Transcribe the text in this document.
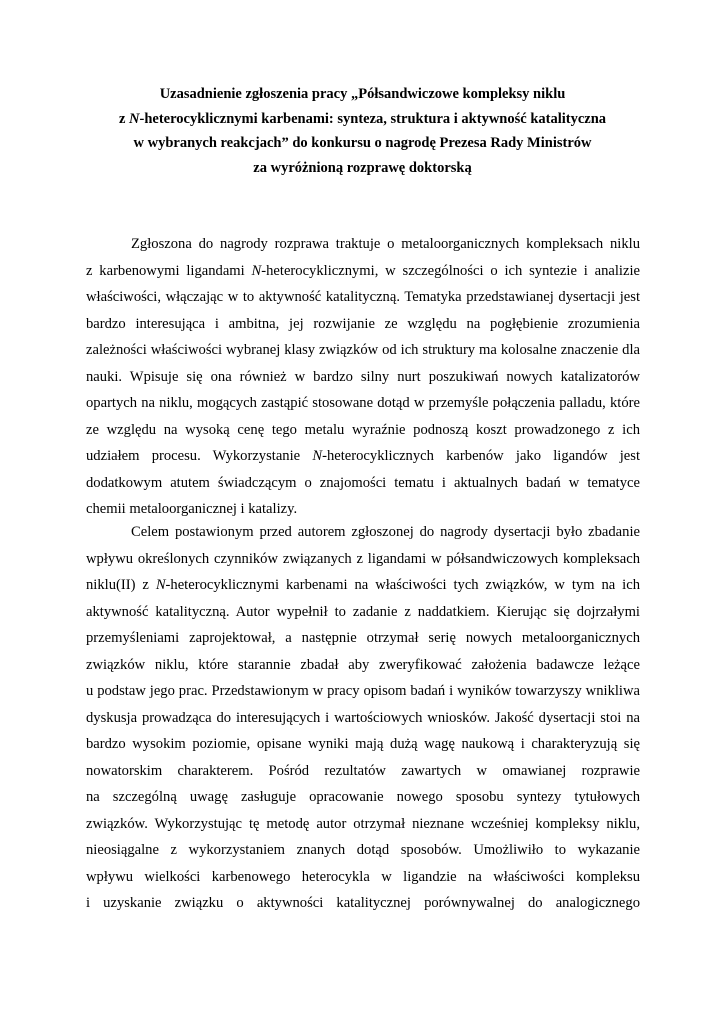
Uzasadnienie zgłoszenia pracy „Półsandwiczowe kompleksy niklu
z N-heterocyklicznymi karbenami: synteza, struktura i aktywność katalityczna
w wybranych reakcjach” do konkursu o nagrodę Prezesa Rady Ministrów
za wyróżnioną rozprawę doktorską
Zgłoszona do nagrody rozprawa traktuje o metaloorganicznych kompleksach niklu
z karbenowymi ligandami N-heterocyklicznymi, w szczególności o ich syntezie i analizie
właściwości, włączając w to aktywność katalityczną. Tematyka przedstawianej dysertacji jest
bardzo interesująca i ambitna, jej rozwijanie ze względu na pogłębienie zrozumienia
zależności właściwości wybranej klasy związków od ich struktury ma kolosalne znaczenie dla
nauki. Wpisuje się ona również w bardzo silny nurt poszukiwań nowych katalizatorów
opartych na niklu, mogących zastąpić stosowane dotąd w przemyśle połączenia palladu, które
ze względu na wysoką cenę tego metalu wyraźnie podnoszą koszt prowadzonego z ich
udziałem procesu. Wykorzystanie N-heterocyklicznych karbenów jako ligandów jest
dodatkowym atutem świadczącym o znajomości tematu i aktualnych badań w tematyce
chemii metaloorganicznej i katalizy.
Celem postawionym przed autorem zgłoszonej do nagrody dysertacji było zbadanie
wpływu określonych czynników związanych z ligandami w półsandwiczowych kompleksach
niklu(II) z N-heterocyklicznymi karbenami na właściwości tych związków, w tym na ich
aktywność katalityczną. Autor wypełnił to zadanie z naddatkiem. Kierując się dojrzałymi
przemyśleniami zaprojektował, a następnie otrzymał serię nowych metaloorganicznych
związków niklu, które starannie zbadał aby zweryfikować założenia badawcze leżące
u podstaw jego prac. Przedstawionym w pracy opisom badań i wyników towarzyszy wnikliwa
dyskusja prowadząca do interesujących i wartościowych wniosków. Jakość dysertacji stoi na
bardzo wysokim poziomie, opisane wyniki mają dużą wagę naukową i charakteryzują się
nowatorskim charakterem. Pośród rezultatów zawartych w omawianej rozprawie
na szczególną uwagę zasługuje opracowanie nowego sposobu syntezy tytułowych
związków. Wykorzystując tę metodę autor otrzymał nieznane wcześniej kompleksy niklu,
nieosiągalne z wykorzystaniem znanych dotąd sposobów. Umożliwiło to wykazanie
wpływu wielkości karbenowego heterocykla w ligandzie na właściwości kompleksu
i uzyskanie związku o aktywności katalitycznej porównywalnej do analogicznego
